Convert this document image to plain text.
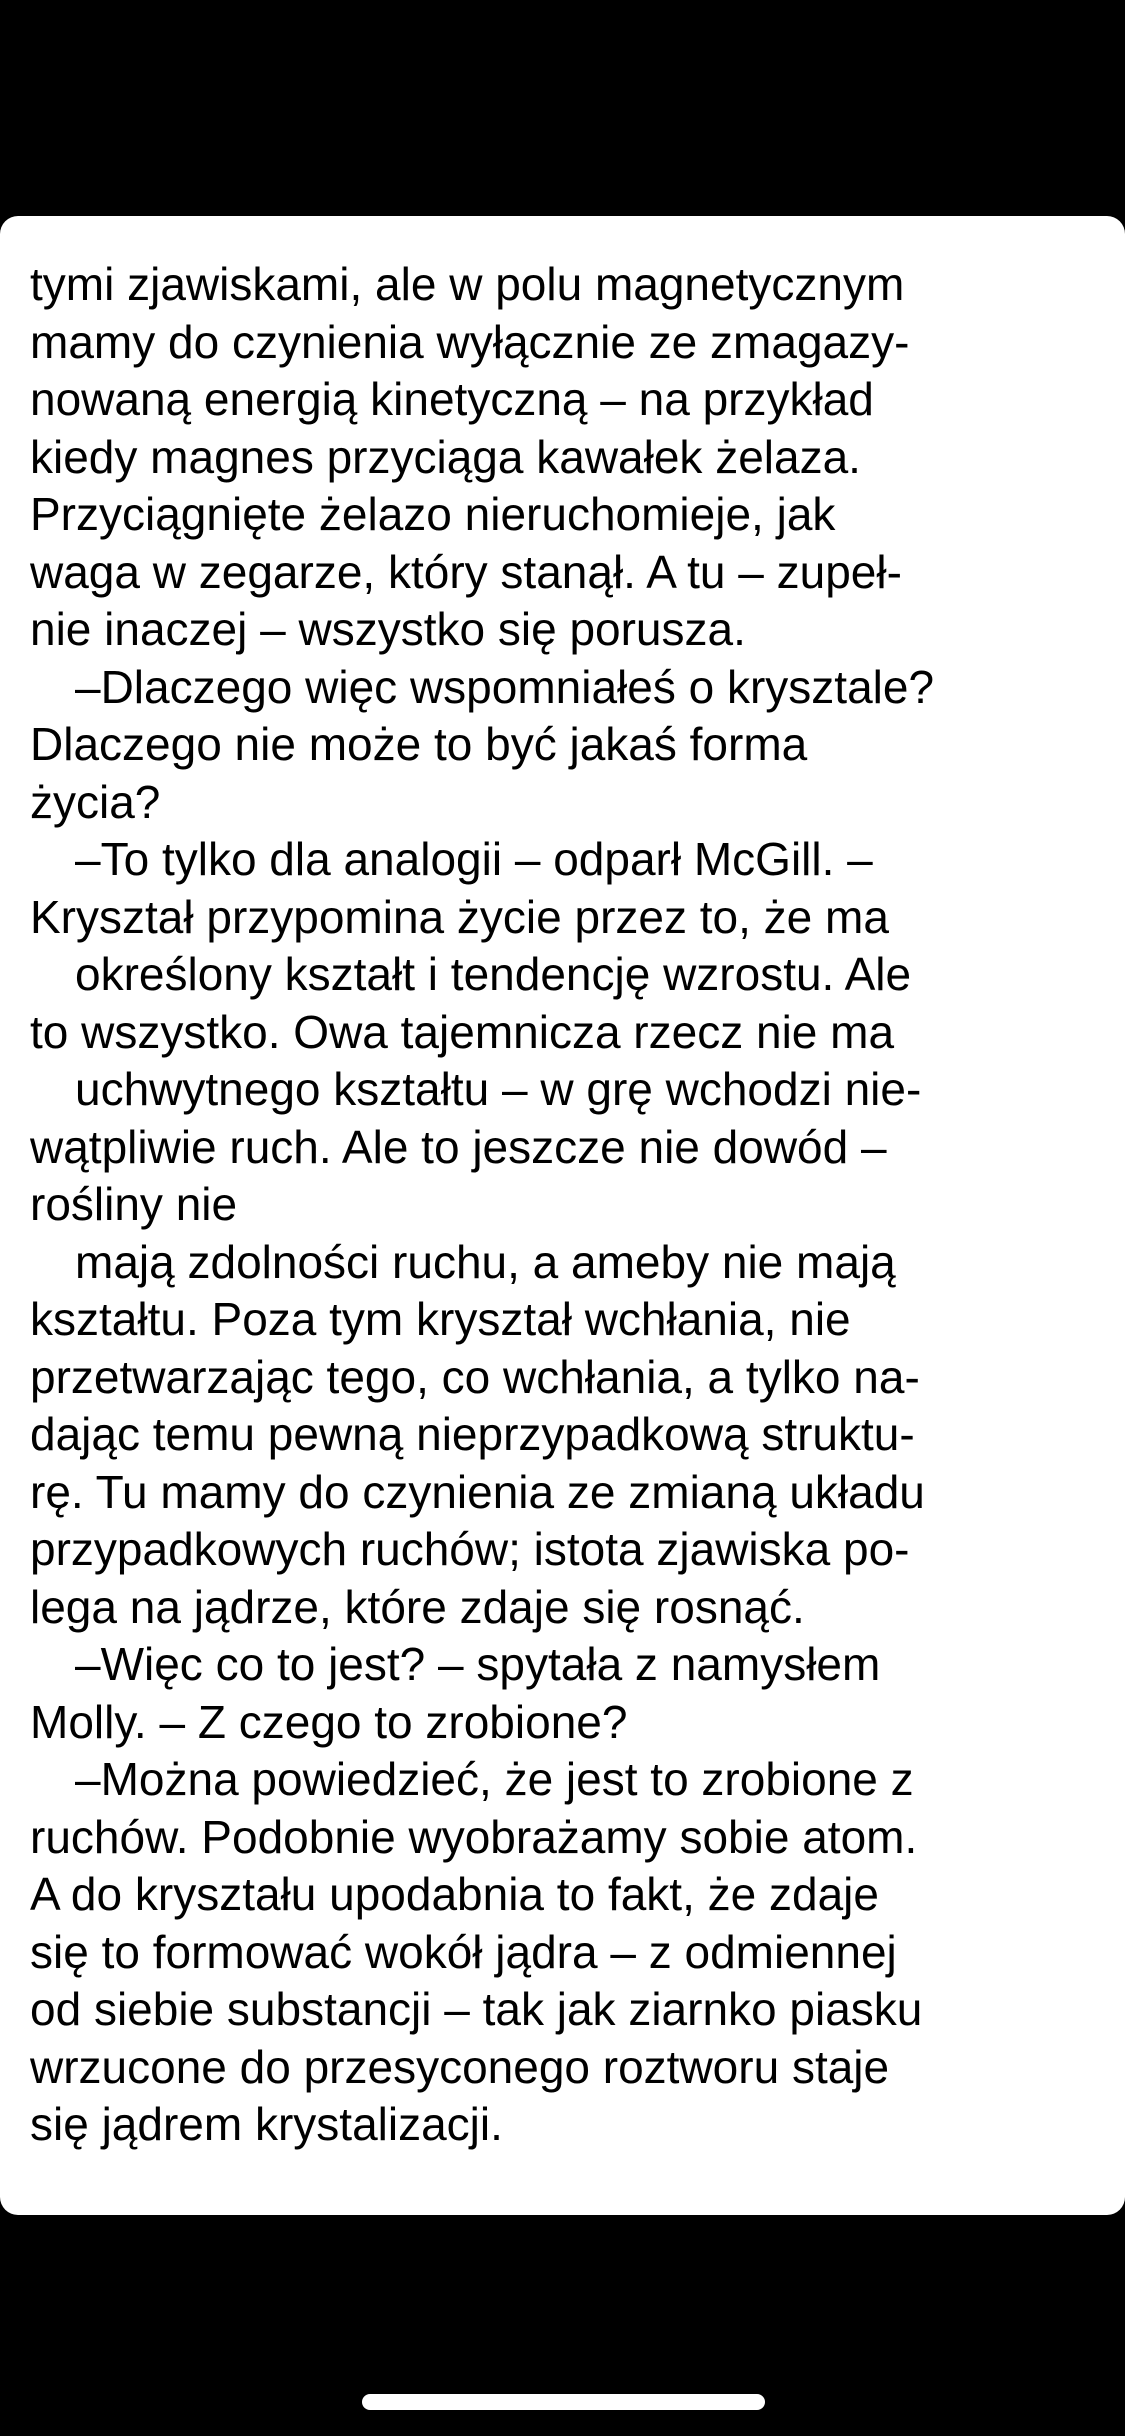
tymi zjawiskami, ale w polu magnetycznym
mamy do czynienia wyłącznie ze zmagazy-
nowaną energią kinetyczną – na przykład
kiedy magnes przyciąga kawałek żelaza.
Przyciągnięte żelazo nieruchomieje, jak
waga w zegarze, który stanął. A tu – zupeł-
nie inaczej – wszystko się porusza.
–Dlaczego więc wspomniałeś o krysztale?
Dlaczego nie może to być jakaś forma
życia?
–To tylko dla analogii – odparł McGill. –
Kryształ przypomina życie przez to, że ma
określony kształt i tendencję wzrostu. Ale
to wszystko. Owa tajemnicza rzecz nie ma
uchwytnego kształtu – w grę wchodzi nie-
wątpliwie ruch. Ale to jeszcze nie dowód –
rośliny nie
mają zdolności ruchu, a ameby nie mają
kształtu. Poza tym kryształ wchłania, nie
przetwarzając tego, co wchłania, a tylko na-
dając temu pewną nieprzypadkową struktu-
rę. Tu mamy do czynienia ze zmianą układu
przypadkowych ruchów; istota zjawiska po-
lega na jądrze, które zdaje się rosnąć.
–Więc co to jest? – spytała z namysłem
Molly. – Z czego to zrobione?
–Można powiedzieć, że jest to zrobione z
ruchów. Podobnie wyobrażamy sobie atom.
A do kryształu upodabnia to fakt, że zdaje
się to formować wokół jądra – z odmiennej
od siebie substancji – tak jak ziarnko piasku
wrzucone do przesyconego roztworu staje
się jądrem krystalizacji.
